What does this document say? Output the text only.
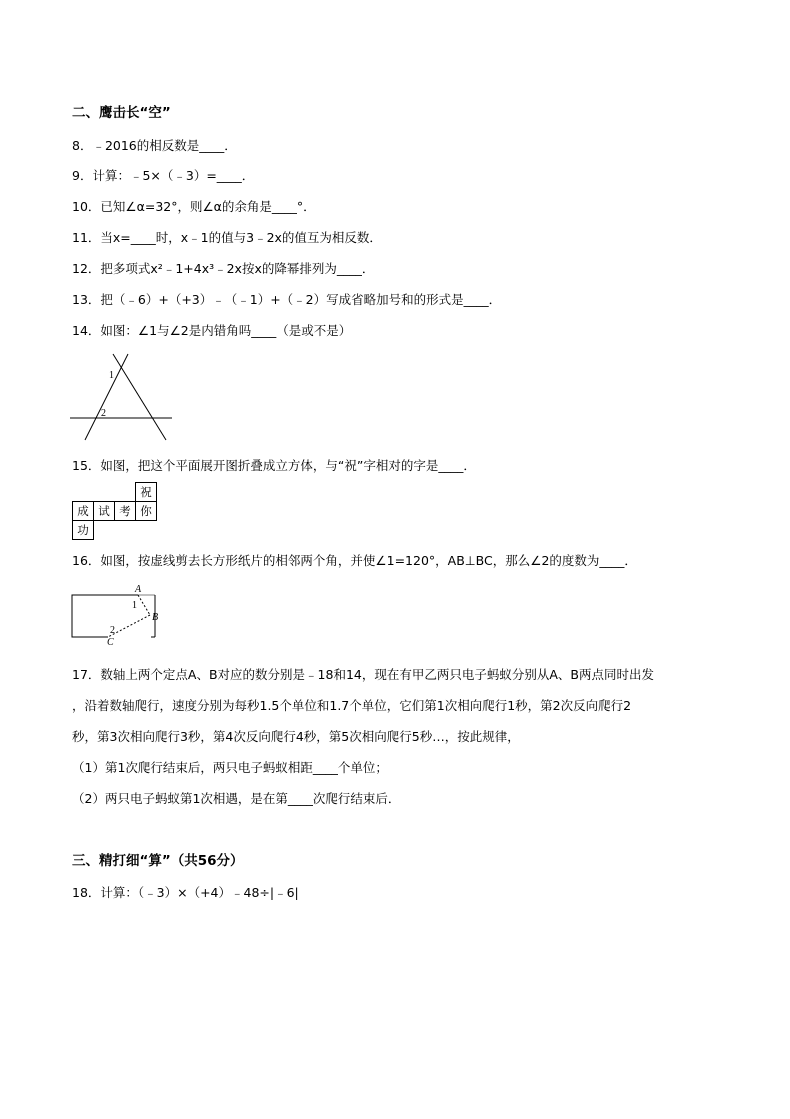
二、鹰击长“空”
8．﹣2016的相反数是____．
9．计算：﹣5×（﹣3）=____．
10．已知∠α=32°，则∠α的余角是____°．
11．当x=____时，x﹣1的值与3﹣2x的值互为相反数．
12．把多项式x²﹣1+4x³﹣2x按x的降幂排列为____．
13．把（﹣6）+（+3）﹣（﹣1）+（﹣2）写成省略加号和的形式是____．
14．如图：∠1与∠2是内错角吗____（是或不是）
1
2
15．如图，把这个平面展开图折叠成立方体，与“祝”字相对的字是____．
			祝
成	试	考	你
功			
16．如图，按虚线剪去长方形纸片的相邻两个角，并使∠1=120°，AB⊥BC，那么∠2的度数为____．
A
1
B
2
C
17．数轴上两个定点A、B对应的数分别是﹣18和14，现在有甲乙两只电子蚂蚁分别从A、B两点同时出发
，沿着数轴爬行，速度分别为每秒1.5个单位和1.7个单位，它们第1次相向爬行1秒，第2次反向爬行2
秒，第3次相向爬行3秒，第4次反向爬行4秒，第5次相向爬行5秒…，按此规律，
（1）第1次爬行结束后，两只电子蚂蚁相距____个单位；
（2）两只电子蚂蚁第1次相遇，是在第____次爬行结束后．
三、精打细“算”（共56分）
18．计算：（﹣3）×（+4）﹣48÷|﹣6|
